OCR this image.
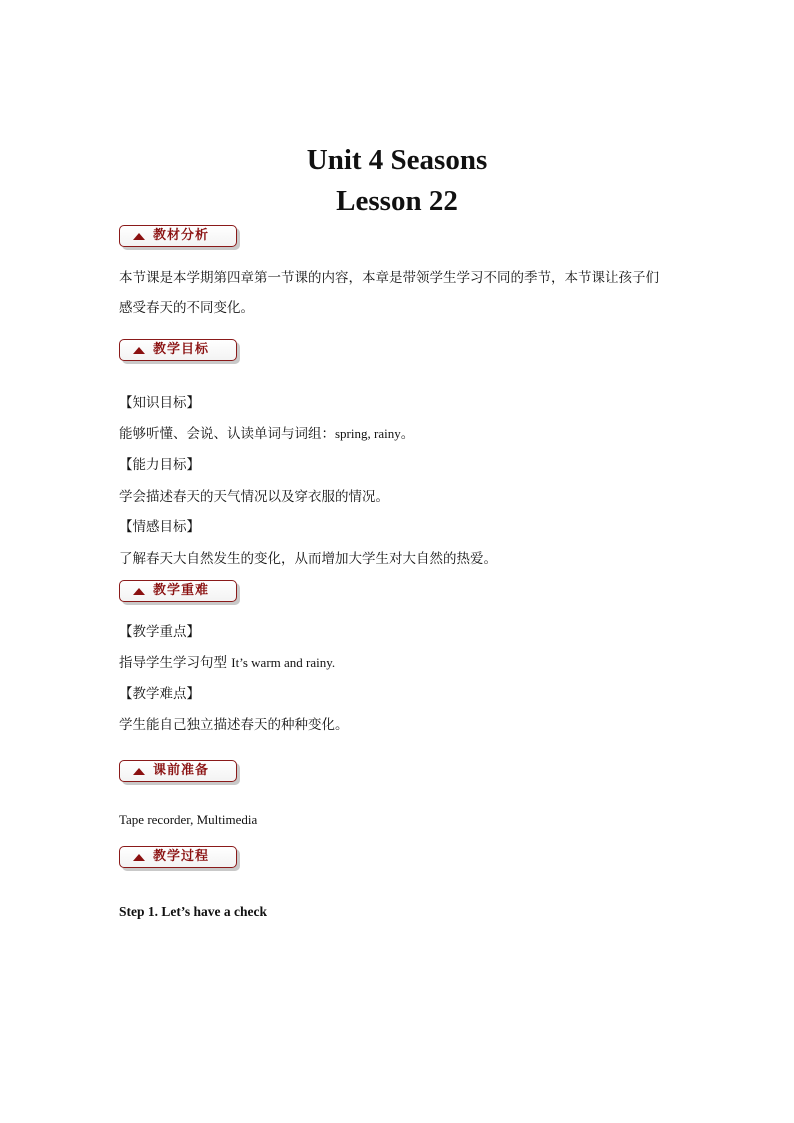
Unit 4 Seasons
Lesson 22
教材分析
本节课是本学期第四章第一节课的内容，本章是带领学生学习不同的季节，本节课让孩子们
感受春天的不同变化。
教学目标
【知识目标】
能够听懂、会说、认读单词与词组：spring, rainy。
【能力目标】
学会描述春天的天气情况以及穿衣服的情况。
【情感目标】
了解春天大自然发生的变化，从而增加大学生对大自然的热爱。
教学重难
【教学重点】
指导学生学习句型 It’s warm and rainy.
【教学难点】
学生能自己独立描述春天的种种变化。
课前准备
Tape recorder, Multimedia
教学过程
Step 1. Let’s have a check
